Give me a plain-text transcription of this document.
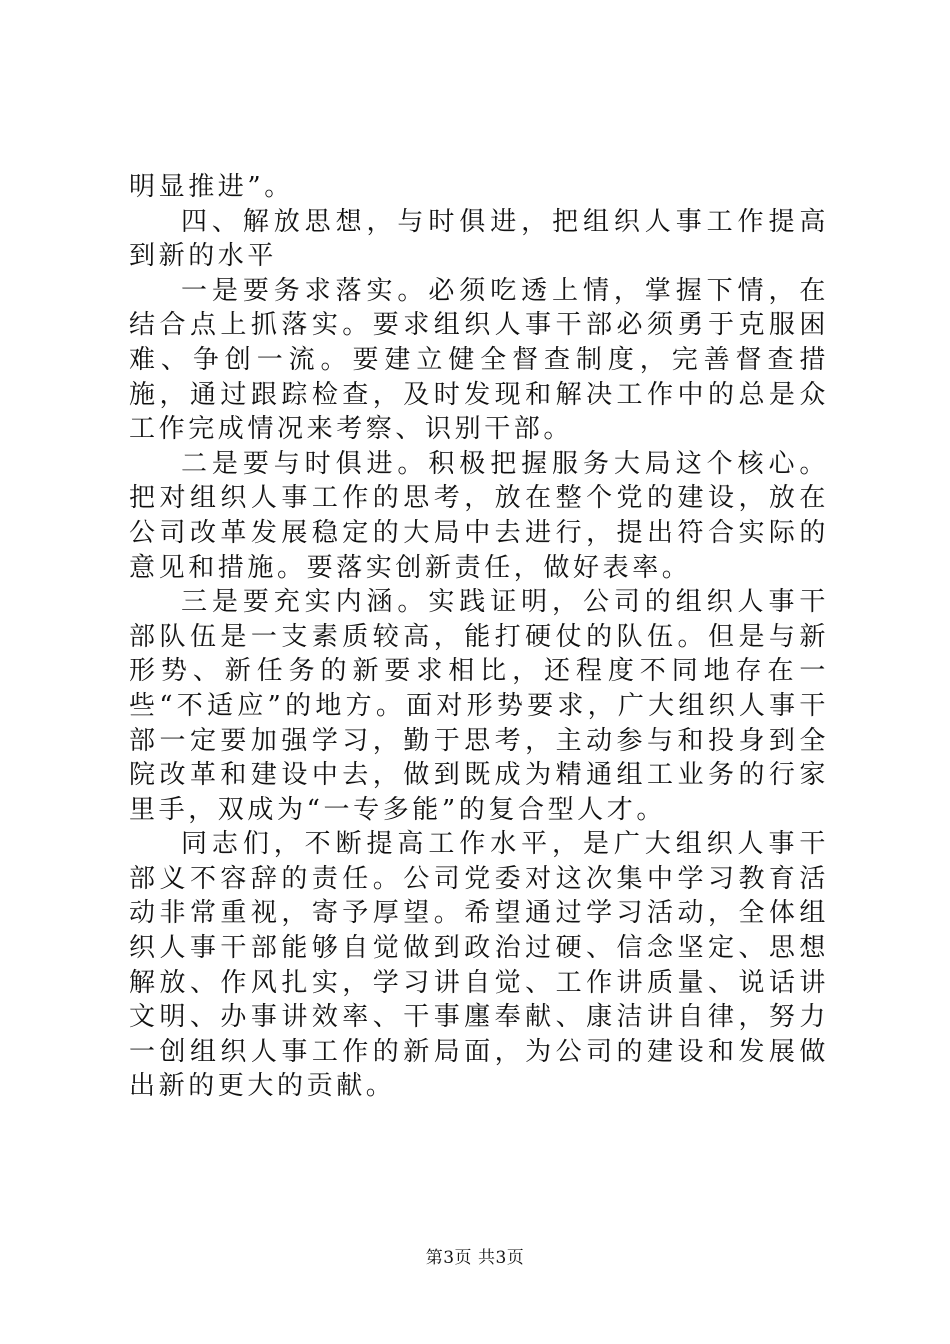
明显推进”。

四、解放思想，与时俱进，把组织人事工作提高到新的水平

一是要务求落实。必须吃透上情，掌握下情，在结合点上抓落实。要求组织人事干部必须勇于克服困难、争创一流。要建立健全督查制度，完善督查措施，通过跟踪检查，及时发现和解决工作中的总是众工作完成情况来考察、识别干部。

二是要与时俱进。积极把握服务大局这个核心。把对组织人事工作的思考，放在整个党的建设，放在公司改革发展稳定的大局中去进行，提出符合实际的意见和措施。要落实创新责任，做好表率。

三是要充实内涵。实践证明，公司的组织人事干部队伍是一支素质较高，能打硬仗的队伍。但是与新形势、新任务的新要求相比，还程度不同地存在一些“不适应”的地方。面对形势要求，广大组织人事干部一定要加强学习，勤于思考，主动参与和投身到全院改革和建设中去，做到既成为精通组工业务的行家里手，双成为“一专多能”的复合型人才。

同志们，不断提高工作水平，是广大组织人事干部义不容辞的责任。公司党委对这次集中学习教育活动非常重视，寄予厚望。希望通过学习活动，全体组织人事干部能够自觉做到政治过硬、信念坚定、思想解放、作风扎实，学习讲自觉、工作讲质量、说话讲文明、办事讲效率、干事廛奉献、康洁讲自律，努力一创组织人事工作的新局面，为公司的建设和发展做出新的更大的贡献。

第3页 共3页
